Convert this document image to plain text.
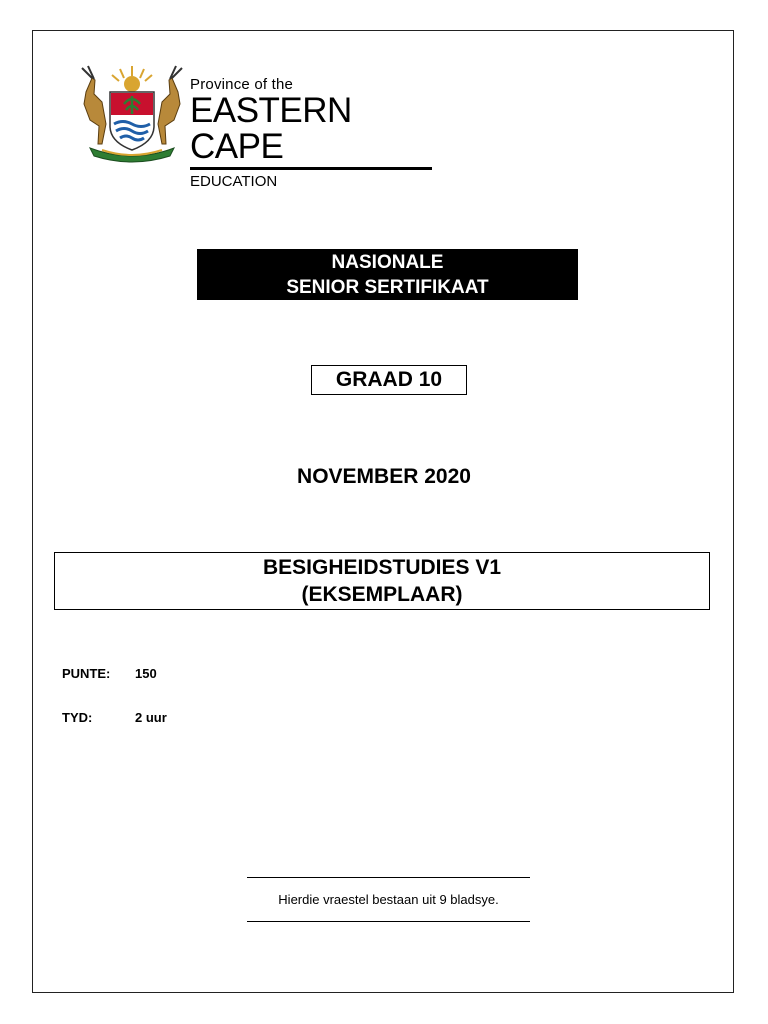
Province of the
EASTERN CAPE
EDUCATION
NASIONALE
SENIOR SERTIFIKAAT
GRAAD 10
NOVEMBER 2020
BESIGHEIDSTUDIES V1
(EKSEMPLAAR)
PUNTE: 150
TYD:	2 uur
Hierdie vraestel bestaan uit 9 bladsye.
